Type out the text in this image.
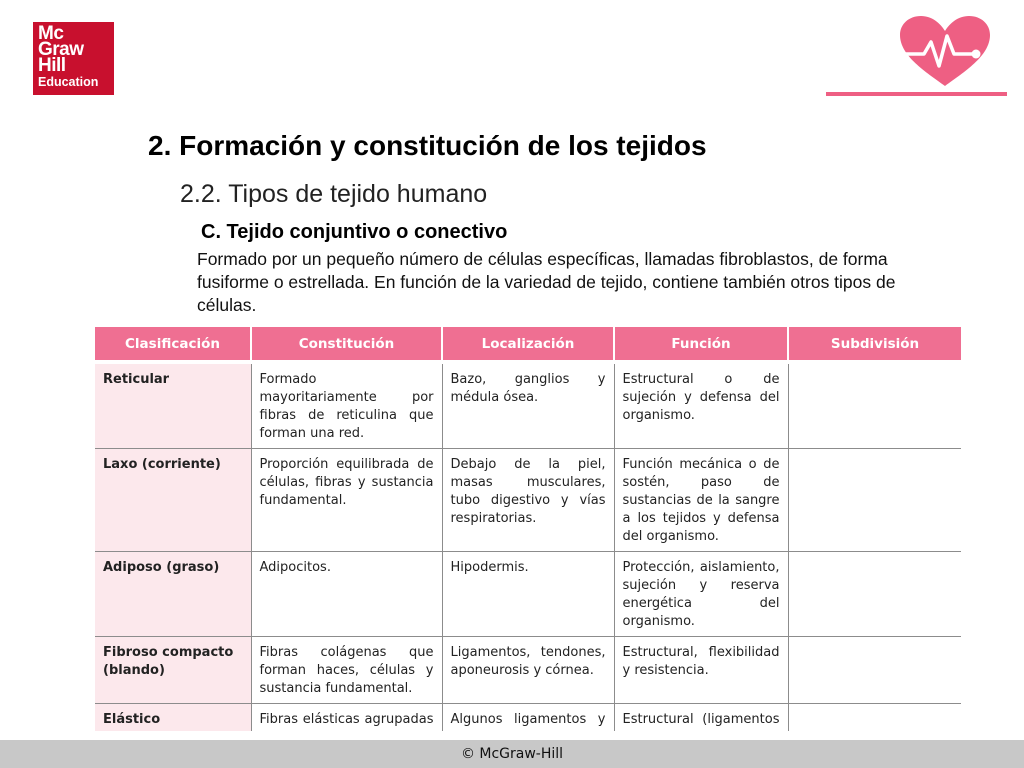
Mc
Graw
Hill
Education
2. Formación y constitución de los tejidos
2.2. Tipos de tejido humano
C. Tejido conjuntivo o conectivo
Formado por un pequeño número de células específicas, llamadas fibroblastos, de forma fusiforme o estrellada. En función de la variedad de tejido, contiene también otros tipos de células.
Clasificación	Constitución	Localización	Función	Subdivisión

Reticular	Formado mayoritariamente por fibras de reticulina que forman una red.	Bazo, ganglios y médula ósea.	Estructural o de sujeción y defensa del organismo.	
Laxo (corriente)	Proporción equilibrada de células, fibras y sustancia fundamental.	Debajo de la piel, masas musculares, tubo digestivo y vías respiratorias.	Función mecánica o de sostén, paso de sustancias de la sangre a los tejidos y defensa del organismo.	
Adiposo (graso)	Adipocitos.	Hipodermis.	Protección, aislamiento, sujeción y reserva energética del organismo.	
Fibroso compacto (blando)	Fibras colágenas que forman haces, células y sustancia fundamental.	Ligamentos, tendones, aponeurosis y córnea.	Estructural, flexibilidad y resistencia.	
Elástico	Fibras elásticas agrupadas	Algunos ligamentos y	Estructural (ligamentos	
© McGraw-Hill
